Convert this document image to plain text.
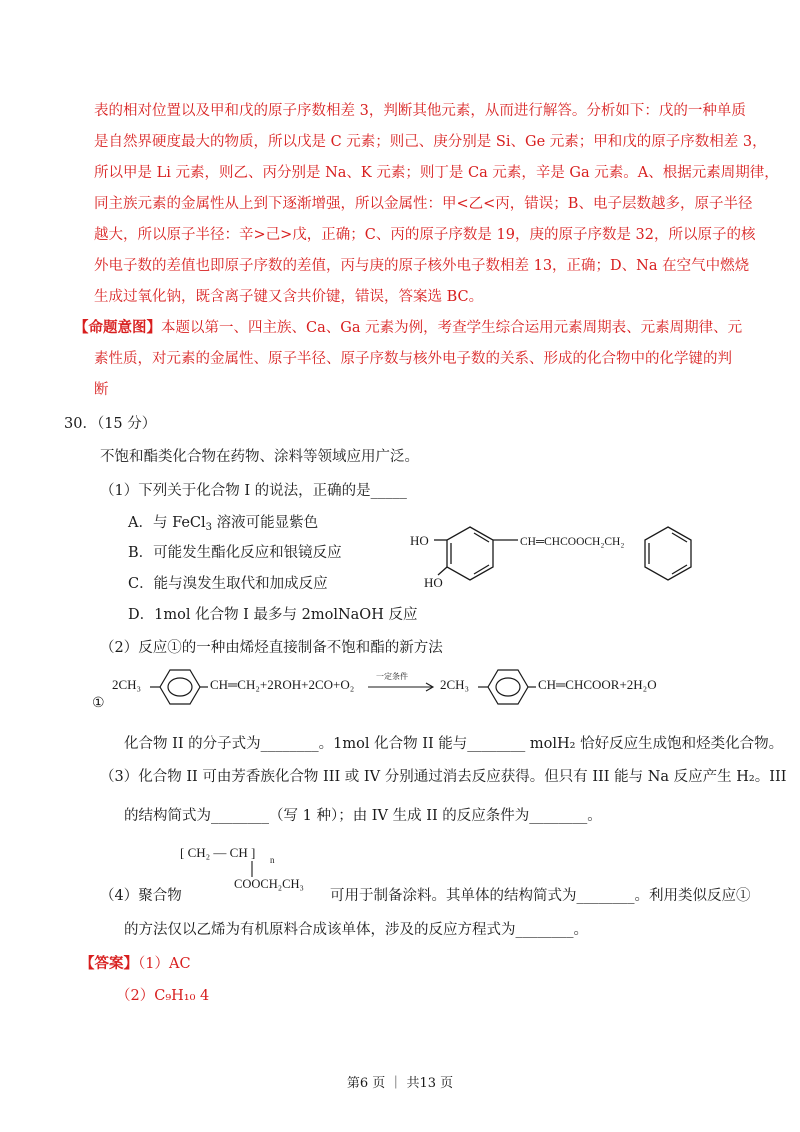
表的相对位置以及甲和戊的原子序数相差 3，判断其他元素，从而进行解答。分析如下：戊的一种单质
是自然界硬度最大的物质，所以戊是 C 元素；则己、庚分别是 Si、Ge 元素；甲和戊的原子序数相差 3，
所以甲是 Li 元素，则乙、丙分别是 Na、K 元素；则丁是 Ca 元素，辛是 Ga 元素。A、根据元素周期律，
同主族元素的金属性从上到下逐渐增强，所以金属性：甲<乙<丙，错误；B、电子层数越多，原子半径
越大，所以原子半径：辛>己>戊，正确；C、丙的原子序数是 19，庚的原子序数是 32，所以原子的核
外电子数的差值也即原子序数的差值，丙与庚的原子核外电子数相差 13，正确；D、Na 在空气中燃烧
生成过氧化钠，既含离子键又含共价键，错误，答案选 BC。
【命题意图】本题以第一、四主族、Ca、Ga 元素为例，考查学生综合运用元素周期表、元素周期律、元
素性质，对元素的金属性、原子半径、原子序数与核外电子数的关系、形成的化合物中的化学键的判
断
30．（15 分）
不饱和酯类化合物在药物、涂料等领域应用广泛。
（1）下列关于化合物 I 的说法，正确的是_____
A．与 FeCl$_3$ 溶液可能显紫色
B．可能发生酯化反应和银镜反应
C．能与溴发生取代和加成反应
D．1mol 化合物 I 最多与 2molNaOH 反应
HO
HO
CH═CHCOOCH₂CH₂
（2）反应①的一种由烯烃直接制备不饱和酯的新方法
①
2CH₃	CH═CH₂+2ROH+2CO+O₂
一定条件
2CH₃	CH═CHCOOR+2H₂O
化合物 II 的分子式为________。1mol 化合物 II 能与________ molH₂ 恰好反应生成饱和烃类化合物。
（3）化合物 II 可由芳香族化合物 III 或 IV 分别通过消去反应获得。但只有 III 能与 Na 反应产生 H₂。III
的结构简式为________（写 1 种）；由 IV 生成 II 的反应条件为________。
[ CH₂ — CH ] n
COOCH₂CH₃
（4）聚合物	可用于制备涂料。其单体的结构简式为________。利用类似反应①
的方法仅以乙烯为有机原料合成该单体，涉及的反应方程式为________。
【答案】（1）AC
（2）C₉H₁₀ 4
第6 页 ｜ 共13 页
